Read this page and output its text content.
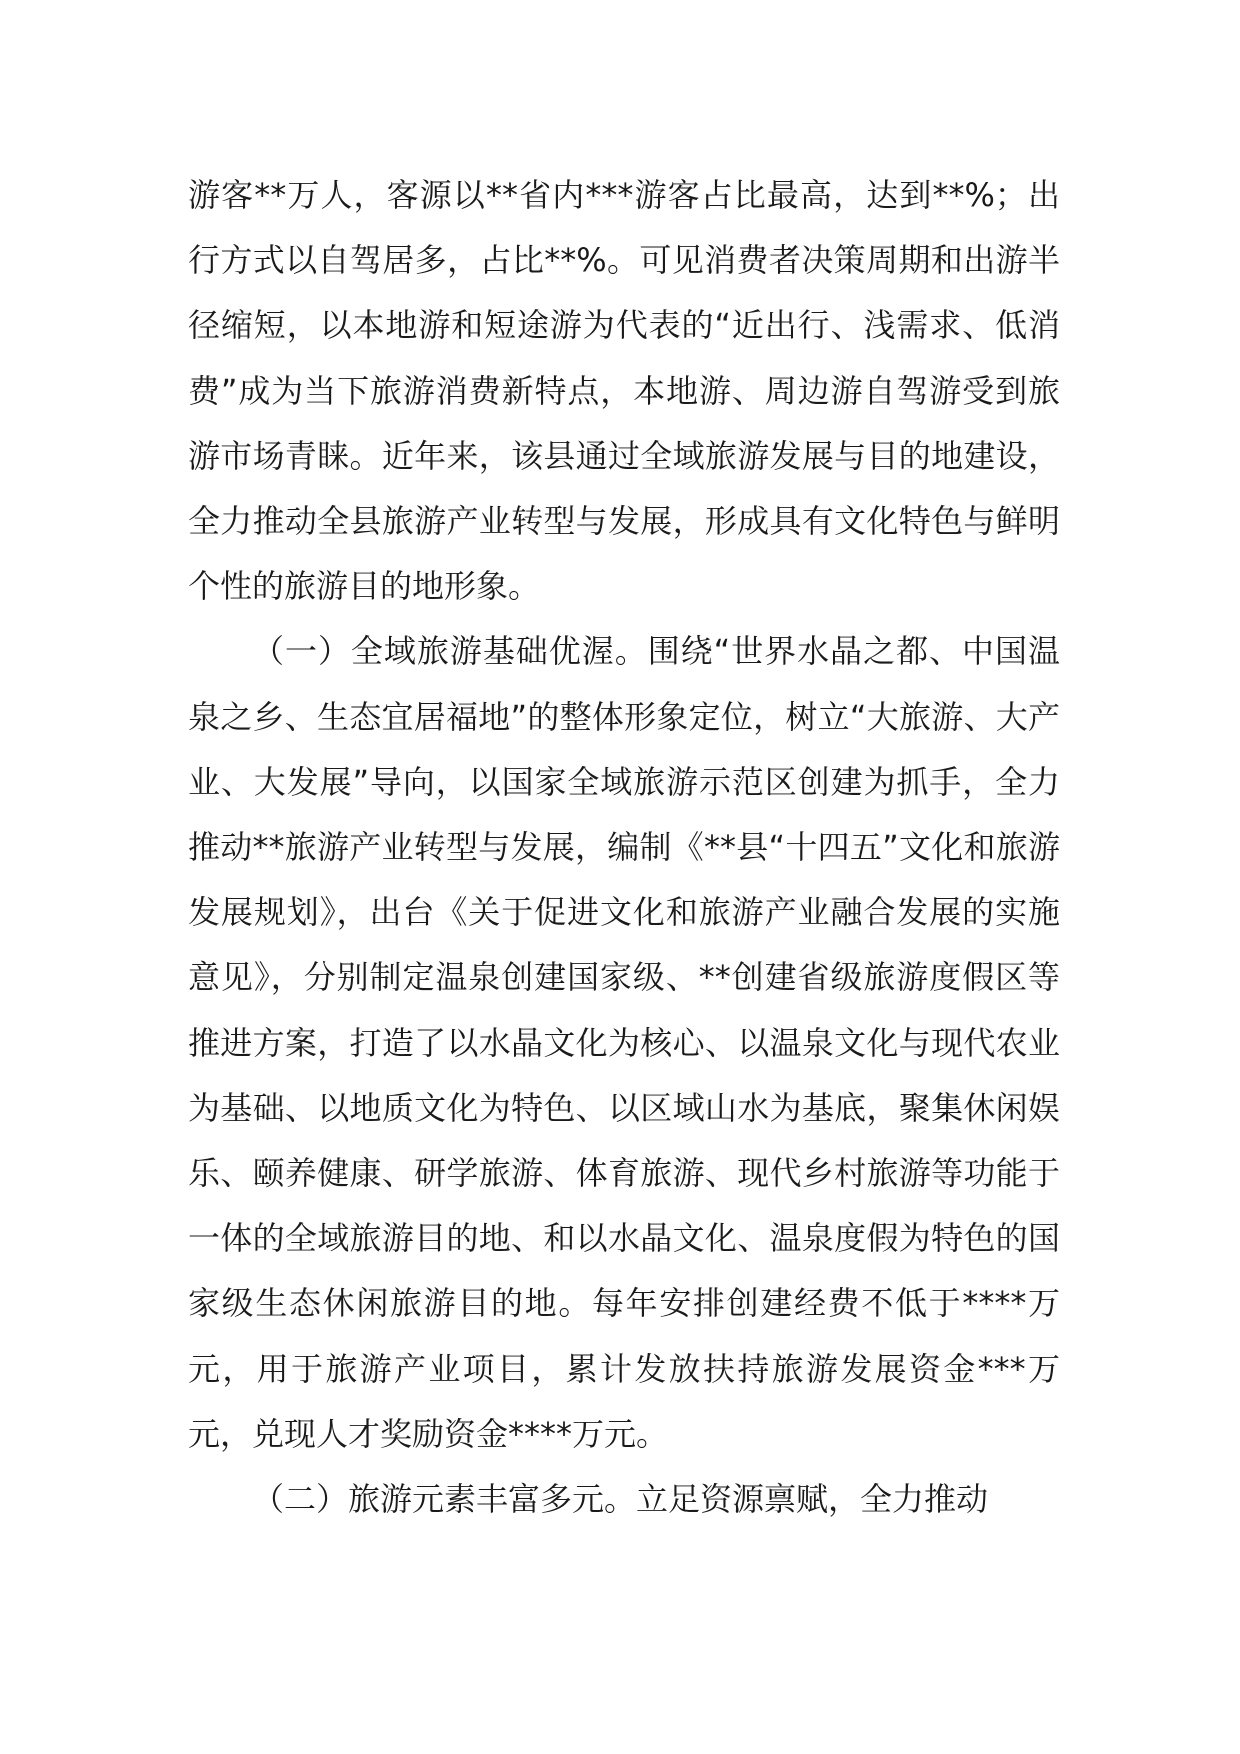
游客**万人，客源以**省内***游客占比最高，达到**%；出行方式以自驾居多，占比**%。可见消费者决策周期和出游半径缩短，以本地游和短途游为代表的“近出行、浅需求、低消费”成为当下旅游消费新特点，本地游、周边游自驾游受到旅游市场青睐。近年来，该县通过全域旅游发展与目的地建设，全力推动全县旅游产业转型与发展，形成具有文化特色与鲜明个性的旅游目的地形象。

（一）全域旅游基础优渥。围绕“世界水晶之都、中国温泉之乡、生态宜居福地”的整体形象定位，树立“大旅游、大产业、大发展”导向，以国家全域旅游示范区创建为抓手，全力推动**旅游产业转型与发展，编制《**县“十四五”文化和旅游发展规划》，出台《关于促进文化和旅游产业融合发展的实施意见》，分别制定温泉创建国家级、**创建省级旅游度假区等推进方案，打造了以水晶文化为核心、以温泉文化与现代农业为基础、以地质文化为特色、以区域山水为基底，聚集休闲娱乐、颐养健康、研学旅游、体育旅游、现代乡村旅游等功能于一体的全域旅游目的地、和以水晶文化、温泉度假为特色的国家级生态休闲旅游目的地。每年安排创建经费不低于****万元，用于旅游产业项目，累计发放扶持旅游发展资金***万元，兑现人才奖励资金****万元。

（二）旅游元素丰富多元。立足资源禀赋，全力推动
